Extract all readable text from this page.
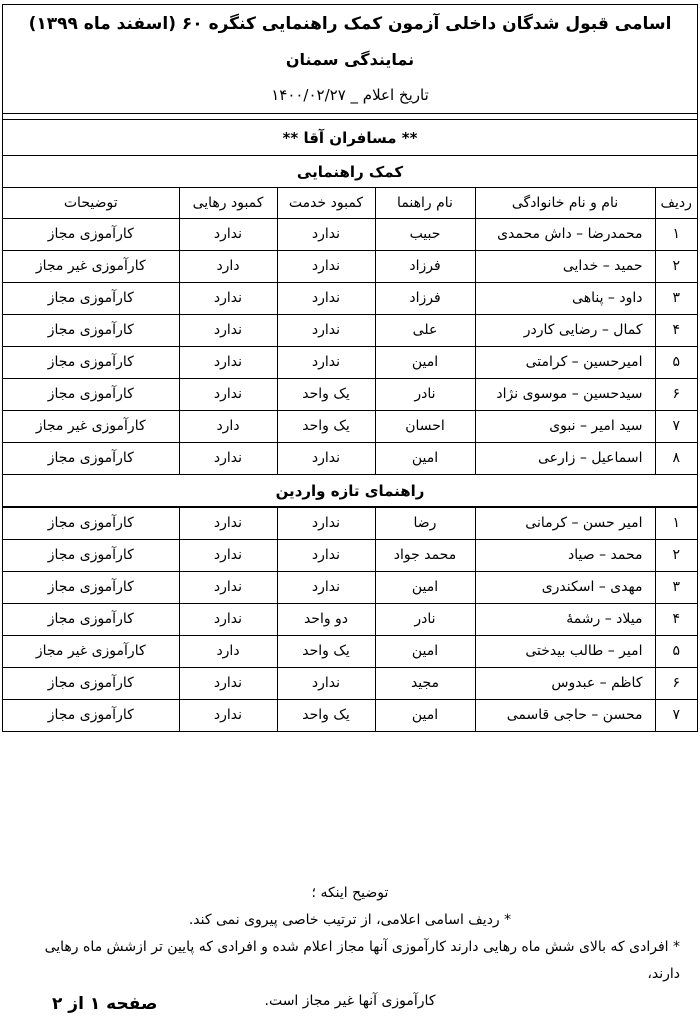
اسامی قبول شدگان داخلی آزمون کمک راهنمایی کنگره ۶۰ (اسفند ماه ۱۳۹۹)
نمایندگی سمنان
تاریخ اعلام _ ۱۴۰۰/۰۲/۲۷
** مسافران آقا **
کمک راهنمایی
ردیف	نام و نام خانوادگی	نام راهنما	کمبود خدمت	کمبود رهایی	توضیحات
۱	محمدرضا – داش محمدی	حبیب	ندارد	ندارد	کارآموزی مجاز
۲	حمید – خدایی	فرزاد	ندارد	دارد	کارآموزی غیر مجاز
۳	داود – پناهی	فرزاد	ندارد	ندارد	کارآموزی مجاز
۴	کمال – رضایی کاردر	علی	ندارد	ندارد	کارآموزی مجاز
۵	امیرحسین – کرامتی	امین	ندارد	ندارد	کارآموزی مجاز
۶	سیدحسین – موسوی نژاد	نادر	یک واحد	ندارد	کارآموزی مجاز
۷	سید امیر – نبوی	احسان	یک واحد	دارد	کارآموزی غیر مجاز
۸	اسماعیل – زارعی	امین	ندارد	ندارد	کارآموزی مجاز
راهنمای تازه واردین
۱	امیر حسن – کرمانی	رضا	ندارد	ندارد	کارآموزی مجاز
۲	محمد – صیاد	محمد جواد	ندارد	ندارد	کارآموزی مجاز
۳	مهدی – اسکندری	امین	ندارد	ندارد	کارآموزی مجاز
۴	میلاد – رشمهٔ	نادر	دو واحد	ندارد	کارآموزی مجاز
۵	امیر – طالب بیدختی	امین	یک واحد	دارد	کارآموزی غیر مجاز
۶	کاظم – عبدوس	مجید	ندارد	ندارد	کارآموزی مجاز
۷	محسن – حاجی قاسمی	امین	یک واحد	ندارد	کارآموزی مجاز
توضیح اینکه ؛
* ردیف اسامی اعلامی، از ترتیب خاصی پیروی نمی کند.
* افرادی که بالای شش ماه رهایی دارند کارآموزی آنها مجاز اعلام شده و افرادی که پایین تر ازشش ماه رهایی دارند،
کارآموزی آنها غیر مجاز است.
صفحه ۱ از ۲
